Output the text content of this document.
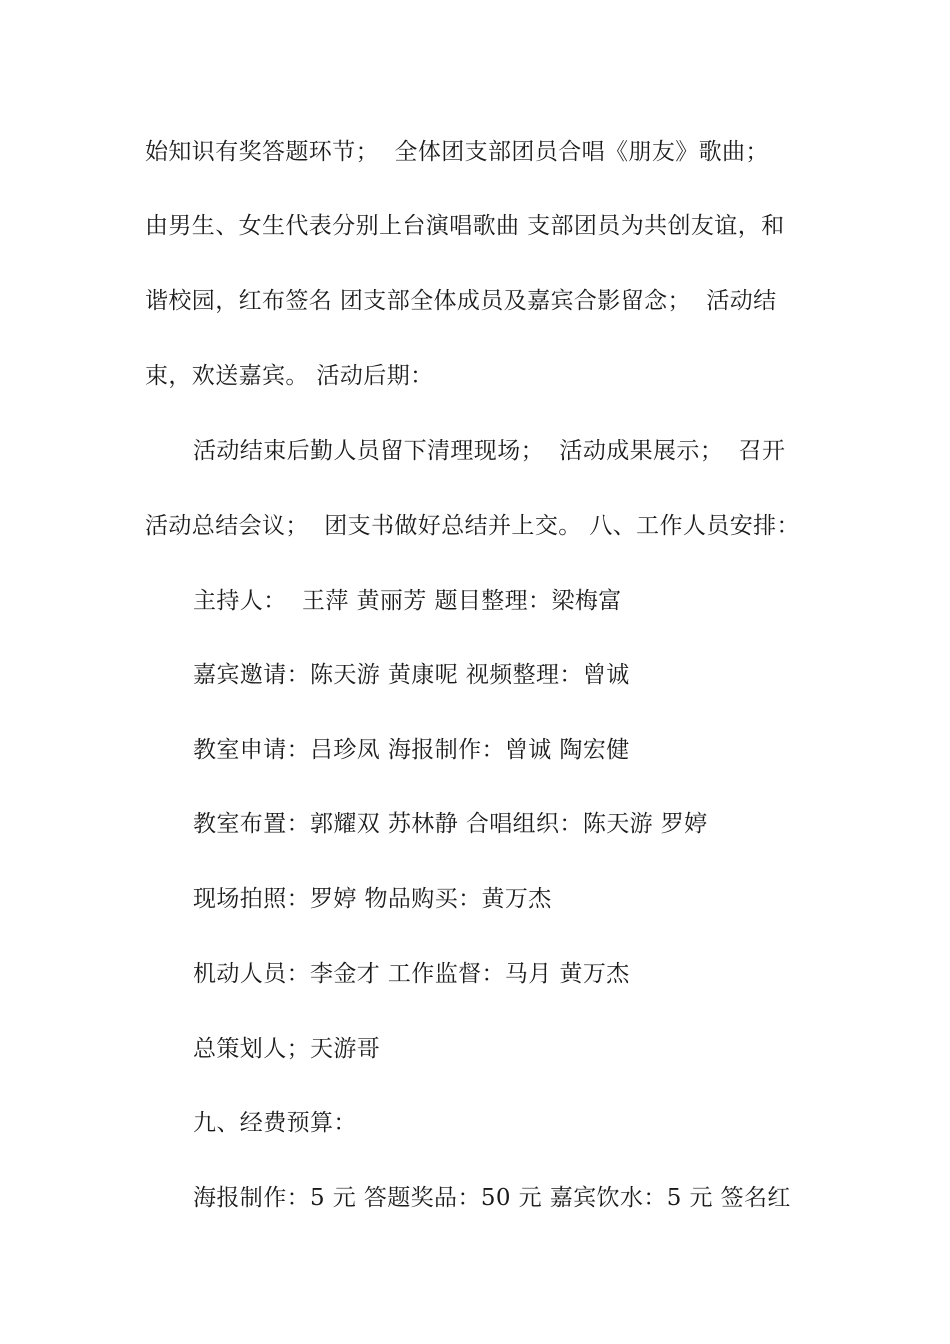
始知识有奖答题环节；  全体团支部团员合唱《朋友》歌曲；
由男生、女生代表分别上台演唱歌曲 支部团员为共创友谊，和
谐校园，红布签名 团支部全体成员及嘉宾合影留念；  活动结
束，欢送嘉宾。 活动后期：
活动结束后勤人员留下清理现场；  活动成果展示；  召开
活动总结会议；  团支书做好总结并上交。 八、工作人员安排：
主持人：  王萍 黄丽芳 题目整理：梁梅富
嘉宾邀请：陈天游 黄康呢 视频整理：曾诚
教室申请：吕珍凤 海报制作：曾诚 陶宏健
教室布置：郭耀双 苏林静 合唱组织：陈天游 罗婷
现场拍照：罗婷 物品购买：黄万杰
机动人员：李金才 工作监督：马月 黄万杰
总策划人；天游哥
九、经费预算：
海报制作：5 元 答题奖品：50 元 嘉宾饮水：5 元 签名红
